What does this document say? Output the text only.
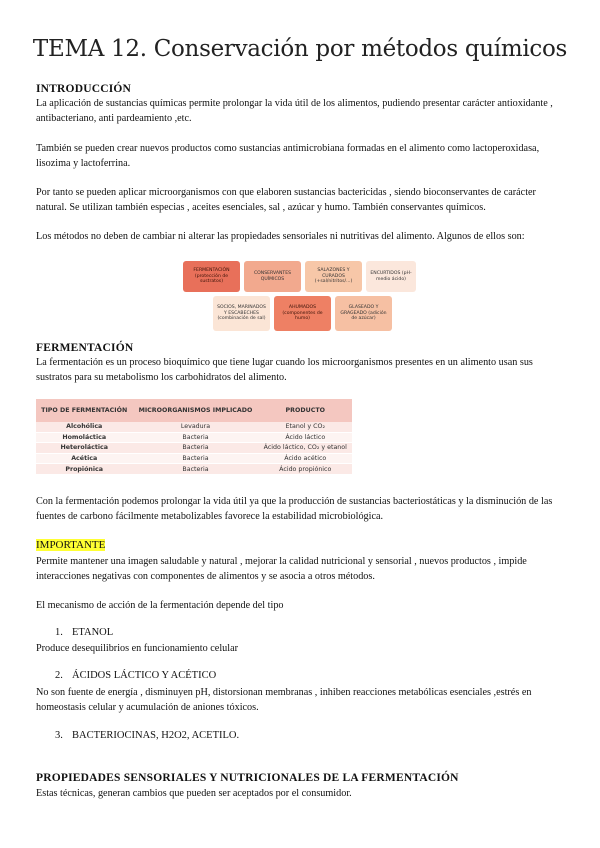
TEMA 12. Conservación por métodos químicos
INTRODUCCIÓN

La aplicación de sustancias químicas permite prolongar la vida útil de los alimentos, pudiendo presentar carácter antioxidante , antibacteriano, anti pardeamiento ,etc.

También se pueden crear nuevos productos como sustancias antimicrobiana formadas en el alimento como lactoperoxidasa, lisozima y lactoferrina.

Por tanto se pueden aplicar microorganismos con que elaboren sustancias bactericidas , siendo bioconservantes de carácter natural. Se utilizan también especias , aceites esenciales, sal , azúcar y humo. También conservantes químicos.

Los métodos no deben de cambiar ni alterar las propiedades sensoriales ni nutritivas del alimento. Algunos de ellos son:

FERMENTACIÓN (protección de sustratos)
CONSERVANTES QUÍMICOS
SALAZONES Y CURADOS (+sal/nitritos/...)
ENCURTIDOS (pH-medio ácido)
SOCIOS, MARINADOS Y ESCABECHES (combinación de sal)
AHUMADOS (componentes de humo)
GLASEADO Y GRAGEADO (adición de azúcar)
FERMENTACIÓN

La fermentación es un proceso bioquímico que tiene lugar cuando los microorganismos presentes en un alimento usan sus sustratos para su metabolismo los carbohidratos del alimento.

TIPO DE FERMENTACIÓN	MICROORGANISMOS IMPLICADO	PRODUCTO
Alcohólica	Levadura	Etanol y CO₂
Homoláctica	Bacteria	Ácido láctico
Heteroláctica	Bacteria	Ácido láctico, CO₂ y etanol
Acética	Bacteria	Ácido acético
Propiónica	Bacteria	Ácido propiónico

Con la fermentación podemos prolongar la vida útil ya que la producción de sustancias bacteriostáticas y la disminución de las fuentes de carbono fácilmente metabolizables favorece la estabilidad microbiológica.

IMPORTANTE

Permite mantener una imagen saludable y natural , mejorar la calidad nutricional y sensorial , nuevos productos , impide interacciones negativas con componentes de alimentos y se asocia a otros métodos.

El mecanismo de acción de la fermentación depende del tipo

1. ETANOL

Produce desequilibrios en funcionamiento celular

2. ÁCIDOS LÁCTICO Y ACÉTICO

No son fuente de energía , disminuyen pH, distorsionan membranas , inhiben reacciones metabólicas esenciales ,estrés en homeostasis celular y acumulación de aniones tóxicos.

3. BACTERIOCINAS, H2O2, ACETILO.
PROPIEDADES SENSORIALES Y NUTRICIONALES DE LA FERMENTACIÓN

Estas técnicas, generan cambios que pueden ser aceptados por el consumidor.
